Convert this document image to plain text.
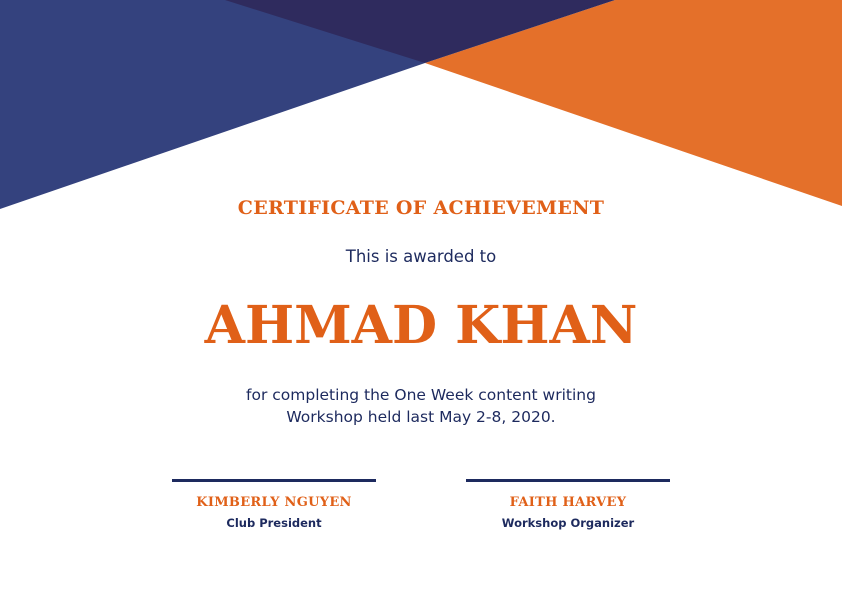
CERTIFICATE OF ACHIEVEMENT
This is awarded to
AHMAD KHAN
for completing the One Week content writing
Workshop held last May 2-8, 2020.
KIMBERLY NGUYEN
Club President
FAITH HARVEY
Workshop Organizer
